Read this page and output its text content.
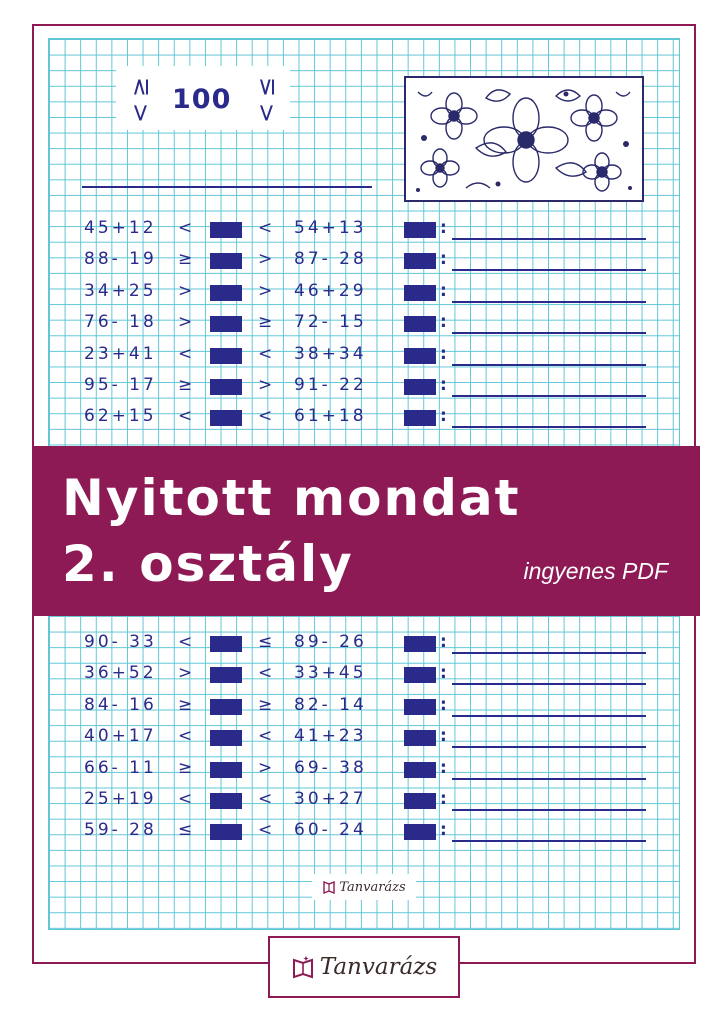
<
≥	≤
<
100
45+12 <	< 54+13	:
88- 19 ≥	> 87- 28	:
34+25 >	> 46+29	:
76- 18 >	≥ 72- 15	:
23+41 <	< 38+34	:
95- 17 ≥	> 91- 22	:
62+15 <	< 61+18	:
90- 33 <	≤ 89- 26	:
36+52 >	< 33+45	:
84- 16 ≥	≥ 82- 14	:
40+17 <	< 41+23	:
66- 11 ≥	> 69- 38	:
25+19 <	< 30+27	:
59- 28 ≤	< 60- 24	:
Nyitott mondat
2. osztály	ingyenes PDF
Tanvarázs
Tanvarázs
